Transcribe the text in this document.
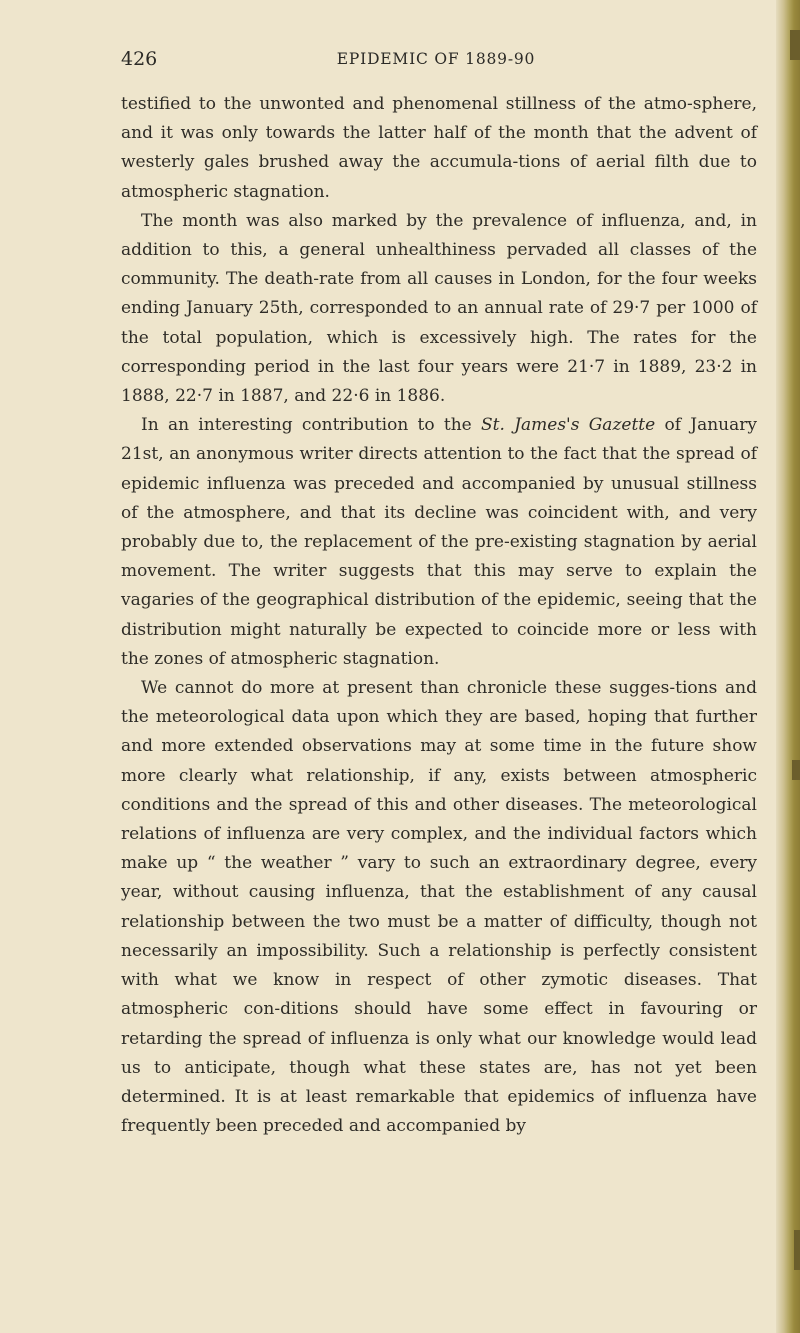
426	EPIDEMIC OF 1889-90

testified to the unwonted and phenomenal stillness of the atmo-sphere, and it was only towards the latter half of the month that the advent of westerly gales brushed away the accumula-tions of aerial filth due to atmospheric stagnation.

The month was also marked by the prevalence of influenza, and, in addition to this, a general unhealthiness pervaded all classes of the community. The death-rate from all causes in London, for the four weeks ending January 25th, corresponded to an annual rate of 29·7 per 1000 of the total population, which is excessively high. The rates for the corresponding period in the last four years were 21·7 in 1889, 23·2 in 1888, 22·7 in 1887, and 22·6 in 1886.

In an interesting contribution to the St. James's Gazette of January 21st, an anonymous writer directs attention to the fact that the spread of epidemic influenza was preceded and accompanied by unusual stillness of the atmosphere, and that its decline was coincident with, and very probably due to, the replacement of the pre-existing stagnation by aerial movement. The writer suggests that this may serve to explain the vagaries of the geographical distribution of the epidemic, seeing that the distribution might naturally be expected to coincide more or less with the zones of atmospheric stagnation.

We cannot do more at present than chronicle these sugges-tions and the meteorological data upon which they are based, hoping that further and more extended observations may at some time in the future show more clearly what relationship, if any, exists between atmospheric conditions and the spread of this and other diseases. The meteorological relations of influenza are very complex, and the individual factors which make up “ the weather ” vary to such an extraordinary degree, every year, without causing influenza, that the establishment of any causal relationship between the two must be a matter of difficulty, though not necessarily an impossibility. Such a relationship is perfectly consistent with what we know in respect of other zymotic diseases. That atmospheric con-ditions should have some effect in favouring or retarding the spread of influenza is only what our knowledge would lead us to anticipate, though what these states are, has not yet been determined. It is at least remarkable that epidemics of influenza have frequently been preceded and accompanied by
